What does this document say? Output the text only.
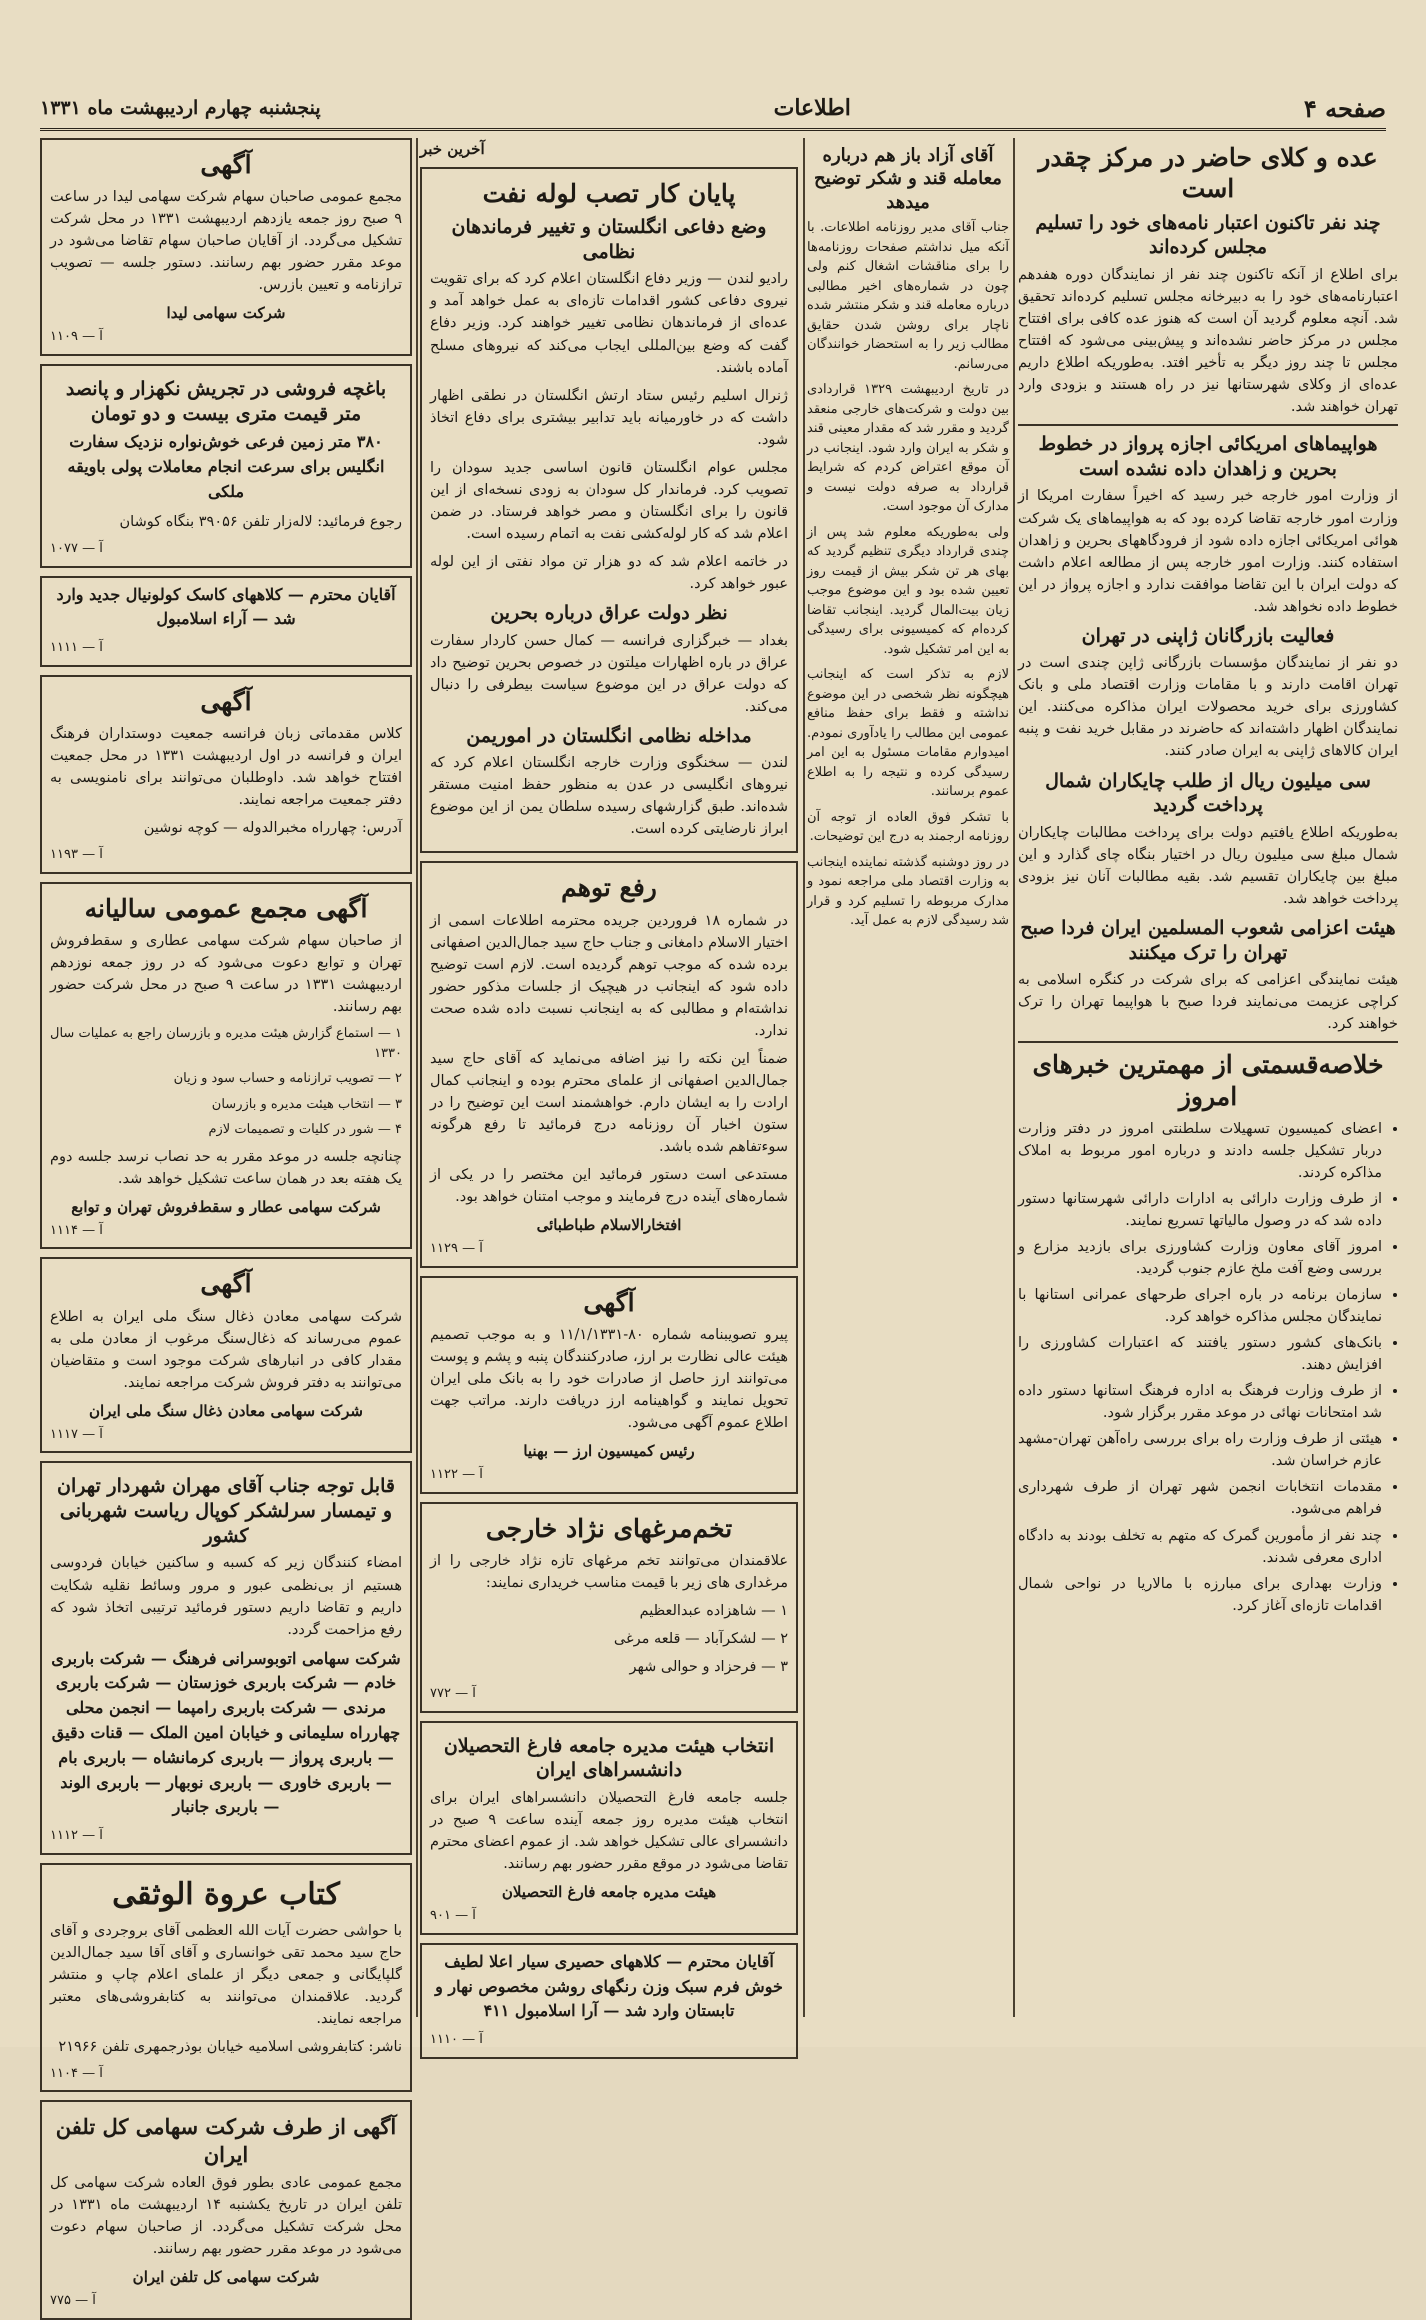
صفحه ۴
اطلاعات
پنجشنبه چهارم اردیبهشت ماه ۱۳۳۱
عده و کلای حاضر در مرکز چقدر است
چند نفر تاکنون اعتبار نامه‌های خود را تسلیم مجلس کرده‌اند

برای اطلاع از آنکه تاکنون چند نفر از نمایندگان دوره هفدهم اعتبارنامه‌های خود را به دبیرخانه مجلس تسلیم کرده‌اند تحقیق شد. آنچه معلوم گردید آن است که هنوز عده کافی برای افتتاح مجلس در مرکز حاضر نشده‌اند و پیش‌بینی می‌شود که افتتاح مجلس تا چند روز دیگر به تأخیر افتد. به‌طوریکه اطلاع داریم عده‌ای از وکلای شهرستانها نیز در راه هستند و بزودی وارد تهران خواهند شد.

هواپیماهای امریکائی اجازه پرواز در خطوط بحرین و زاهدان داده نشده است

از وزارت امور خارجه خبر رسید که اخیراً سفارت امریکا از وزارت امور خارجه تقاضا کرده بود که به هواپیماهای یک شرکت هوائی امریکائی اجازه داده شود از فرودگاههای بحرین و زاهدان استفاده کنند. وزارت امور خارجه پس از مطالعه اعلام داشت که دولت ایران با این تقاضا موافقت ندارد و اجازه پرواز در این خطوط داده نخواهد شد.

فعالیت بازرگانان ژاپنی در تهران

دو نفر از نمایندگان مؤسسات بازرگانی ژاپن چندی است در تهران اقامت دارند و با مقامات وزارت اقتصاد ملی و بانک کشاورزی برای خرید محصولات ایران مذاکره می‌کنند. این نمایندگان اظهار داشته‌اند که حاضرند در مقابل خرید نفت و پنبه ایران کالاهای ژاپنی به ایران صادر کنند.

سی میلیون ریال از طلب چایکاران شمال پرداخت گردید

به‌طوریکه اطلاع یافتیم دولت برای پرداخت مطالبات چایکاران شمال مبلغ سی میلیون ریال در اختیار بنگاه چای گذارد و این مبلغ بین چایکاران تقسیم شد. بقیه مطالبات آنان نیز بزودی پرداخت خواهد شد.

هیئت اعزامی شعوب المسلمین ایران فردا صبح تهران را ترک میکنند

هیئت نمایندگی اعزامی که برای شرکت در کنگره اسلامی به کراچی عزیمت می‌نمایند فردا صبح با هواپیما تهران را ترک خواهند کرد.

خلاصه‌قسمتی از مهمترین خبرهای امروز
• اعضای کمیسیون تسهیلات سلطنتی امروز در دفتر وزارت دربار تشکیل جلسه دادند و درباره امور مربوط به املاک مذاکره کردند.
• از طرف وزارت دارائی به ادارات دارائی شهرستانها دستور داده شد که در وصول مالیاتها تسریع نمایند.
• امروز آقای معاون وزارت کشاورزی برای بازدید مزارع و بررسی وضع آفت ملخ عازم جنوب گردید.
• سازمان برنامه در باره اجرای طرحهای عمرانی استانها با نمایندگان مجلس مذاکره خواهد کرد.
• بانک‌های کشور دستور یافتند که اعتبارات کشاورزی را افزایش دهند.
• از طرف وزارت فرهنگ به اداره فرهنگ استانها دستور داده شد امتحانات نهائی در موعد مقرر برگزار شود.
• هیئتی از طرف وزارت راه برای بررسی راه‌آهن تهران-مشهد عازم خراسان شد.
• مقدمات انتخابات انجمن شهر تهران از طرف شهرداری فراهم می‌شود.
• چند نفر از مأمورین گمرک که متهم به تخلف بودند به دادگاه اداری معرفی شدند.
• وزارت بهداری برای مبارزه با مالاریا در نواحی شمال اقدامات تازه‌ای آغاز کرد.
آقای آزاد باز هم درباره معامله قند و شکر توضیح میدهد

جناب آقای مدیر روزنامه اطلاعات. با آنکه میل نداشتم صفحات روزنامه‌ها را برای مناقشات اشغال کنم ولی چون در شماره‌های اخیر مطالبی درباره معامله قند و شکر منتشر شده ناچار برای روشن شدن حقایق مطالب زیر را به استحضار خوانندگان می‌رسانم.

در تاریخ اردیبهشت ۱۳۲۹ قراردادی بین دولت و شرکت‌های خارجی منعقد گردید و مقرر شد که مقدار معینی قند و شکر به ایران وارد شود. اینجانب در آن موقع اعتراض کردم که شرایط قرارداد به صرفه دولت نیست و مدارک آن موجود است.

ولی به‌طوریکه معلوم شد پس از چندی قرارداد دیگری تنظیم گردید که بهای هر تن شکر بیش از قیمت روز تعیین شده بود و این موضوع موجب زیان بیت‌المال گردید. اینجانب تقاضا کرده‌ام که کمیسیونی برای رسیدگی به این امر تشکیل شود.

لازم به تذکر است که اینجانب هیچگونه نظر شخصی در این موضوع نداشته و فقط برای حفظ منافع عمومی این مطالب را یادآوری نمودم. امیدوارم مقامات مسئول به این امر رسیدگی کرده و نتیجه را به اطلاع عموم برسانند.

با تشکر فوق العاده از توجه آن روزنامه ارجمند به درج این توضیحات.

در روز دوشنبه گذشته نماینده اینجانب به وزارت اقتصاد ملی مراجعه نمود و مدارک مربوطه را تسلیم کرد و قرار شد رسیدگی لازم به عمل آید.

آخرین خبر

پایان کار تصب لوله نفت
وضع دفاعی انگلستان و تغییر فرماندهان نظامی

رادیو لندن — وزیر دفاع انگلستان اعلام کرد که برای تقویت نیروی دفاعی کشور اقدامات تازه‌ای به عمل خواهد آمد و عده‌ای از فرماندهان نظامی تغییر خواهند کرد. وزیر دفاع گفت که وضع بین‌المللی ایجاب می‌کند که نیروهای مسلح آماده باشند.

ژنرال اسلیم رئیس ستاد ارتش انگلستان در نطقی اظهار داشت که در خاورمیانه باید تدابیر بیشتری برای دفاع اتخاذ شود.

مجلس عوام انگلستان قانون اساسی جدید سودان را تصویب کرد. فرماندار کل سودان به زودی نسخه‌ای از این قانون را برای انگلستان و مصر خواهد فرستاد. در ضمن اعلام شد که کار لوله‌کشی نفت به اتمام رسیده است.

در خاتمه اعلام شد که دو هزار تن مواد نفتی از این لوله عبور خواهد کرد.

نظر دولت عراق درباره بحرین

بغداد — خبرگزاری فرانسه — کمال حسن کاردار سفارت عراق در باره اظهارات میلتون در خصوص بحرین توضیح داد که دولت عراق در این موضوع سیاست بیطرفی را دنبال می‌کند.

مداخله نظامی انگلستان در اموریمن

لندن — سخنگوی وزارت خارجه انگلستان اعلام کرد که نیروهای انگلیسی در عدن به منظور حفظ امنیت مستقر شده‌اند. طبق گزارشهای رسیده سلطان یمن از این موضوع ابراز نارضایتی کرده است.

رفع توهم

در شماره ۱۸ فروردین جریده محترمه اطلاعات اسمی از اختیار الاسلام دامغانی و جناب حاج سید جمال‌الدین اصفهانی برده شده که موجب توهم گردیده است. لازم است توضیح داده شود که اینجانب در هیچیک از جلسات مذکور حضور نداشته‌ام و مطالبی که به اینجانب نسبت داده شده صحت ندارد.

ضمناً این نکته را نیز اضافه می‌نماید که آقای حاج سید جمال‌الدین اصفهانی از علمای محترم بوده و اینجانب کمال ارادت را به ایشان دارم. خواهشمند است این توضیح را در ستون اخبار آن روزنامه درج فرمائید تا رفع هرگونه سوءتفاهم شده باشد.

مستدعی است دستور فرمائید این مختصر را در یکی از شماره‌های آینده درج فرمایند و موجب امتنان خواهد بود.

افتخارالاسلام طباطبائی

آ — ۱۱۲۹

آگهی

پیرو تصویبنامه شماره ۸۰-۱۱/۱/۱۳۳۱ و به موجب تصمیم هیئت عالی نظارت بر ارز، صادرکنندگان پنبه و پشم و پوست می‌توانند ارز حاصل از صادرات خود را به بانک ملی ایران تحویل نمایند و گواهینامه ارز دریافت دارند. مراتب جهت اطلاع عموم آگهی می‌شود.

رئیس کمیسیون ارز — بهنیا

آ — ۱۱۲۲

تخم‌مرغهای نژاد خارجی

علاقمندان می‌توانند تخم مرغهای تازه نژاد خارجی را از مرغداری های زیر با قیمت مناسب خریداری نمایند:

۱ — شاهزاده عبدالعظیم

۲ — لشکرآباد — قلعه مرغی

۳ — فرحزاد و حوالی شهر

آ — ۷۷۲

انتخاب هیئت مدیره جامعه فارغ التحصیلان دانشسراهای ایران

جلسه جامعه فارغ التحصیلان دانشسراهای ایران برای انتخاب هیئت مدیره روز جمعه آینده ساعت ۹ صبح در دانشسرای عالی تشکیل خواهد شد. از عموم اعضای محترم تقاضا می‌شود در موقع مقرر حضور بهم رسانند.

هیئت مدیره جامعه فارغ التحصیلان

آ — ۹۰۱

آقایان محترم — کلاههای حصیری سیار اعلا لطیف خوش فرم سبک وزن رنگهای روشن مخصوص نهار و تابستان وارد شد — آرا اسلامبول ۴۱۱

آ — ۱۱۱۰

آگهی

مجمع عمومی صاحبان سهام شرکت سهامی لیدا در ساعت ۹ صبح روز جمعه یازدهم اردیبهشت ۱۳۳۱ در محل شرکت تشکیل می‌گردد. از آقایان صاحبان سهام تقاضا می‌شود در موعد مقرر حضور بهم رسانند. دستور جلسه — تصویب ترازنامه و تعیین بازرس.

شرکت سهامی لیدا

آ — ۱۱۰۹

باغچه فروشی در تجریش نکهزار و پانصد متر قیمت متری بیست و دو تومان

۳۸۰ متر زمین فرعی خوش‌نواره نزدیک سفارت انگلیس برای سرعت انجام معاملات پولی باویقه ملکی

رجوع فرمائید: لاله‌زار تلفن ۳۹۰۵۶ بنگاه کوشان

آ — ۱۰۷۷

آقایان محترم — کلاههای کاسک کولونیال جدید وارد شد — آراء اسلامبول

آ — ۱۱۱۱

آگهی

کلاس مقدماتی زبان فرانسه جمعیت دوستداران فرهنگ ایران و فرانسه در اول اردیبهشت ۱۳۳۱ در محل جمعیت افتتاح خواهد شد. داوطلبان می‌توانند برای نامنویسی به دفتر جمعیت مراجعه نمایند.

آدرس: چهارراه مخبرالدوله — کوچه نوشین

آ — ۱۱۹۳

آگهی مجمع عمومی سالیانه

از صاحبان سهام شرکت سهامی عطاری و سقط‌فروش تهران و توابع دعوت می‌شود که در روز جمعه نوزدهم اردیبهشت ۱۳۳۱ در ساعت ۹ صبح در محل شرکت حضور بهم رسانند.

۱ — استماع گزارش هیئت مدیره و بازرسان راجع به عملیات سال ۱۳۳۰

۲ — تصویب ترازنامه و حساب سود و زیان

۳ — انتخاب هیئت مدیره و بازرسان

۴ — شور در کلیات و تصمیمات لازم

چنانچه جلسه در موعد مقرر به حد نصاب نرسد جلسه دوم یک هفته بعد در همان ساعت تشکیل خواهد شد.

شرکت سهامی عطار و سقط‌فروش تهران و توابع

آ — ۱۱۱۴

آگهی

شرکت سهامی معادن ذغال سنگ ملی ایران به اطلاع عموم می‌رساند که ذغال‌سنگ مرغوب از معادن ملی به مقدار کافی در انبارهای شرکت موجود است و متقاضیان می‌توانند به دفتر فروش شرکت مراجعه نمایند.

شرکت سهامی معادن ذغال سنگ ملی ایران

آ — ۱۱۱۷

قابل توجه جناب آقای مهران شهردار تهران و تیمسار سرلشکر کوپال ریاست شهربانی کشور

امضاء کنندگان زیر که کسبه و ساکنین خیابان فردوسی هستیم از بی‌نظمی عبور و مرور وسائط نقلیه شکایت داریم و تقاضا داریم دستور فرمائید ترتیبی اتخاذ شود که رفع مزاحمت گردد.

شرکت سهامی اتوبوسرانی فرهنگ — شرکت باربری خادم — شرکت باربری خوزستان — شرکت باربری مرندی — شرکت باربری رامپما — انجمن محلی چهارراه سلیمانی و خیابان امین الملک — قنات دقیق — باربری پرواز — باربری کرمانشاه — باربری بام — باربری خاوری — باربری نوبهار — باربری الوند — باربری جانبار

آ — ۱۱۱۲

کتاب عروة الوثقی

با حواشی حضرت آیات الله العظمی آقای بروجردی و آقای حاج سید محمد تقی خوانساری و آقای آقا سید جمال‌الدین گلپایگانی و جمعی دیگر از علمای اعلام چاپ و منتشر گردید. علاقمندان می‌توانند به کتابفروشی‌های معتبر مراجعه نمایند.

ناشر: کتابفروشی اسلامیه خیابان بوذرجمهری تلفن ۲۱۹۶۶

آ — ۱۱۰۴

آگهی از طرف شرکت سهامی کل تلفن ایران

مجمع عمومی عادی بطور فوق العاده شرکت سهامی کل تلفن ایران در تاریخ یکشنبه ۱۴ اردیبهشت ماه ۱۳۳۱ در محل شرکت تشکیل می‌گردد. از صاحبان سهام دعوت می‌شود در موعد مقرر حضور بهم رسانند.

شرکت سهامی کل تلفن ایران

آ — ۷۷۵
